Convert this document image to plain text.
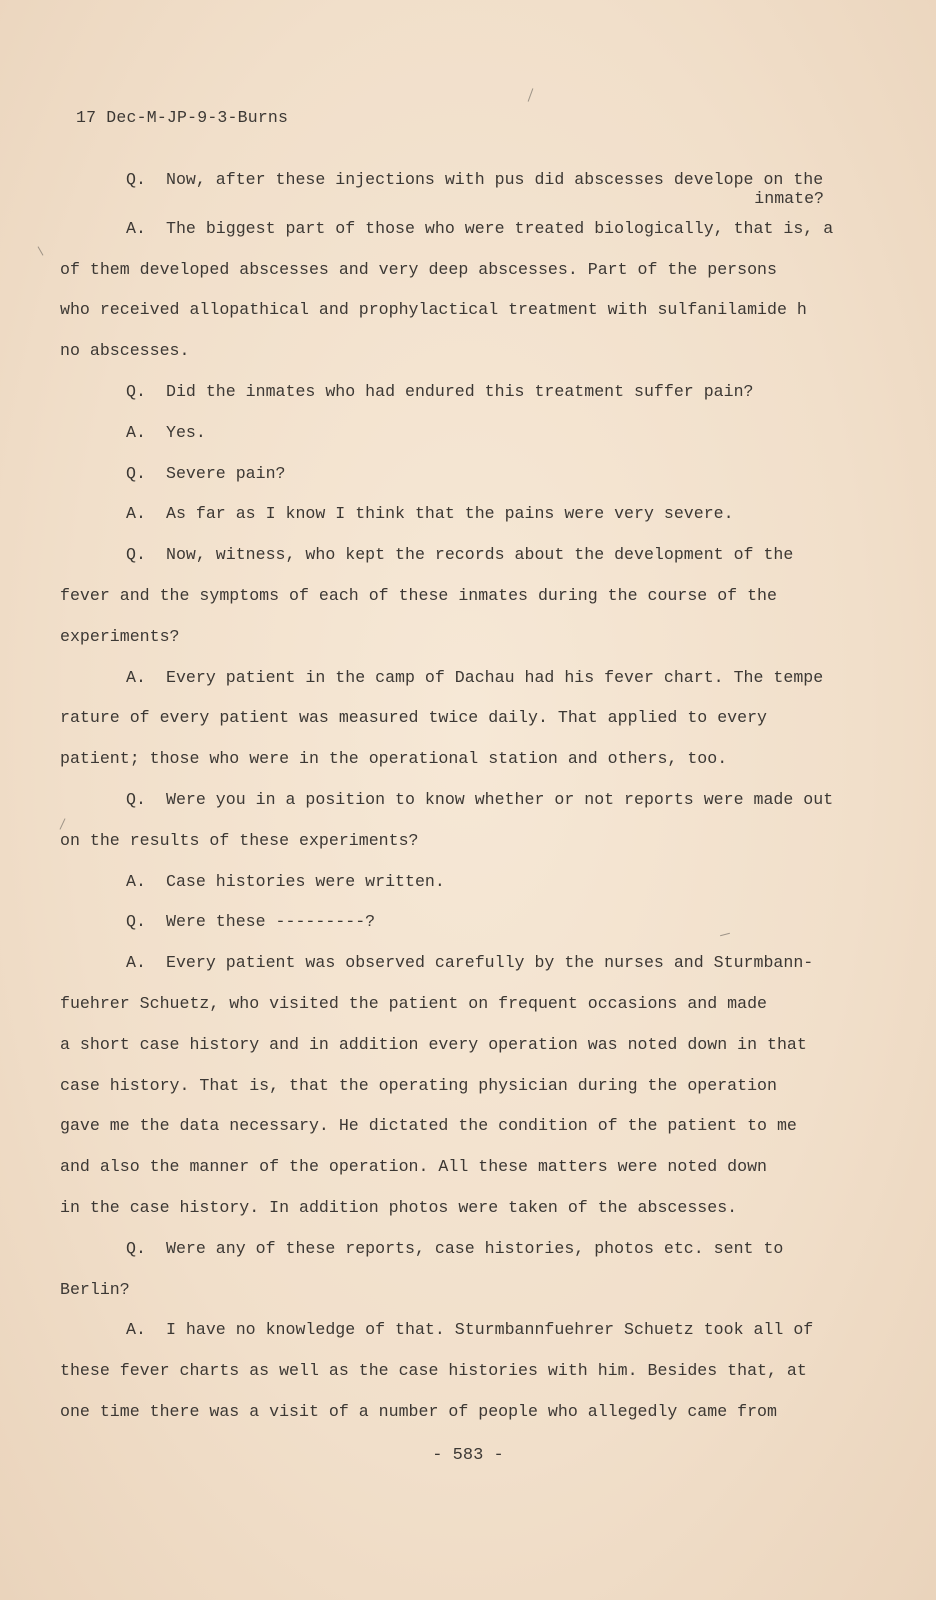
17 Dec-M-JP-9-3-Burns
Q. Now, after these injections with pus did abscesses develope on the
inmate?
A. The biggest part of those who were treated biologically, that is, a
of them developed abscesses and very deep abscesses. Part of the persons
who received allopathical and prophylactical treatment with sulfanilamide h
no abscesses.
Q. Did the inmates who had endured this treatment suffer pain?
A. Yes.
Q. Severe pain?
A. As far as I know I think that the pains were very severe.
Q. Now, witness, who kept the records about the development of the
fever and the symptoms of each of these inmates during the course of the
experiments?
A. Every patient in the camp of Dachau had his fever chart. The tempe
rature of every patient was measured twice daily. That applied to every
patient; those who were in the operational station and others, too.
Q. Were you in a position to know whether or not reports were made out
on the results of these experiments?
A. Case histories were written.
Q. Were these ---------?
A. Every patient was observed carefully by the nurses and Sturmbann-
fuehrer Schuetz, who visited the patient on frequent occasions and made
a short case history and in addition every operation was noted down in that
case history. That is, that the operating physician during the operation
gave me the data necessary. He dictated the condition of the patient to me
and also the manner of the operation. All these matters were noted down
in the case history. In addition photos were taken of the abscesses.
Q. Were any of these reports, case histories, photos etc. sent to
Berlin?
A. I have no knowledge of that. Sturmbannfuehrer Schuetz took all of
these fever charts as well as the case histories with him. Besides that, at
one time there was a visit of a number of people who allegedly came from
- 583 -
